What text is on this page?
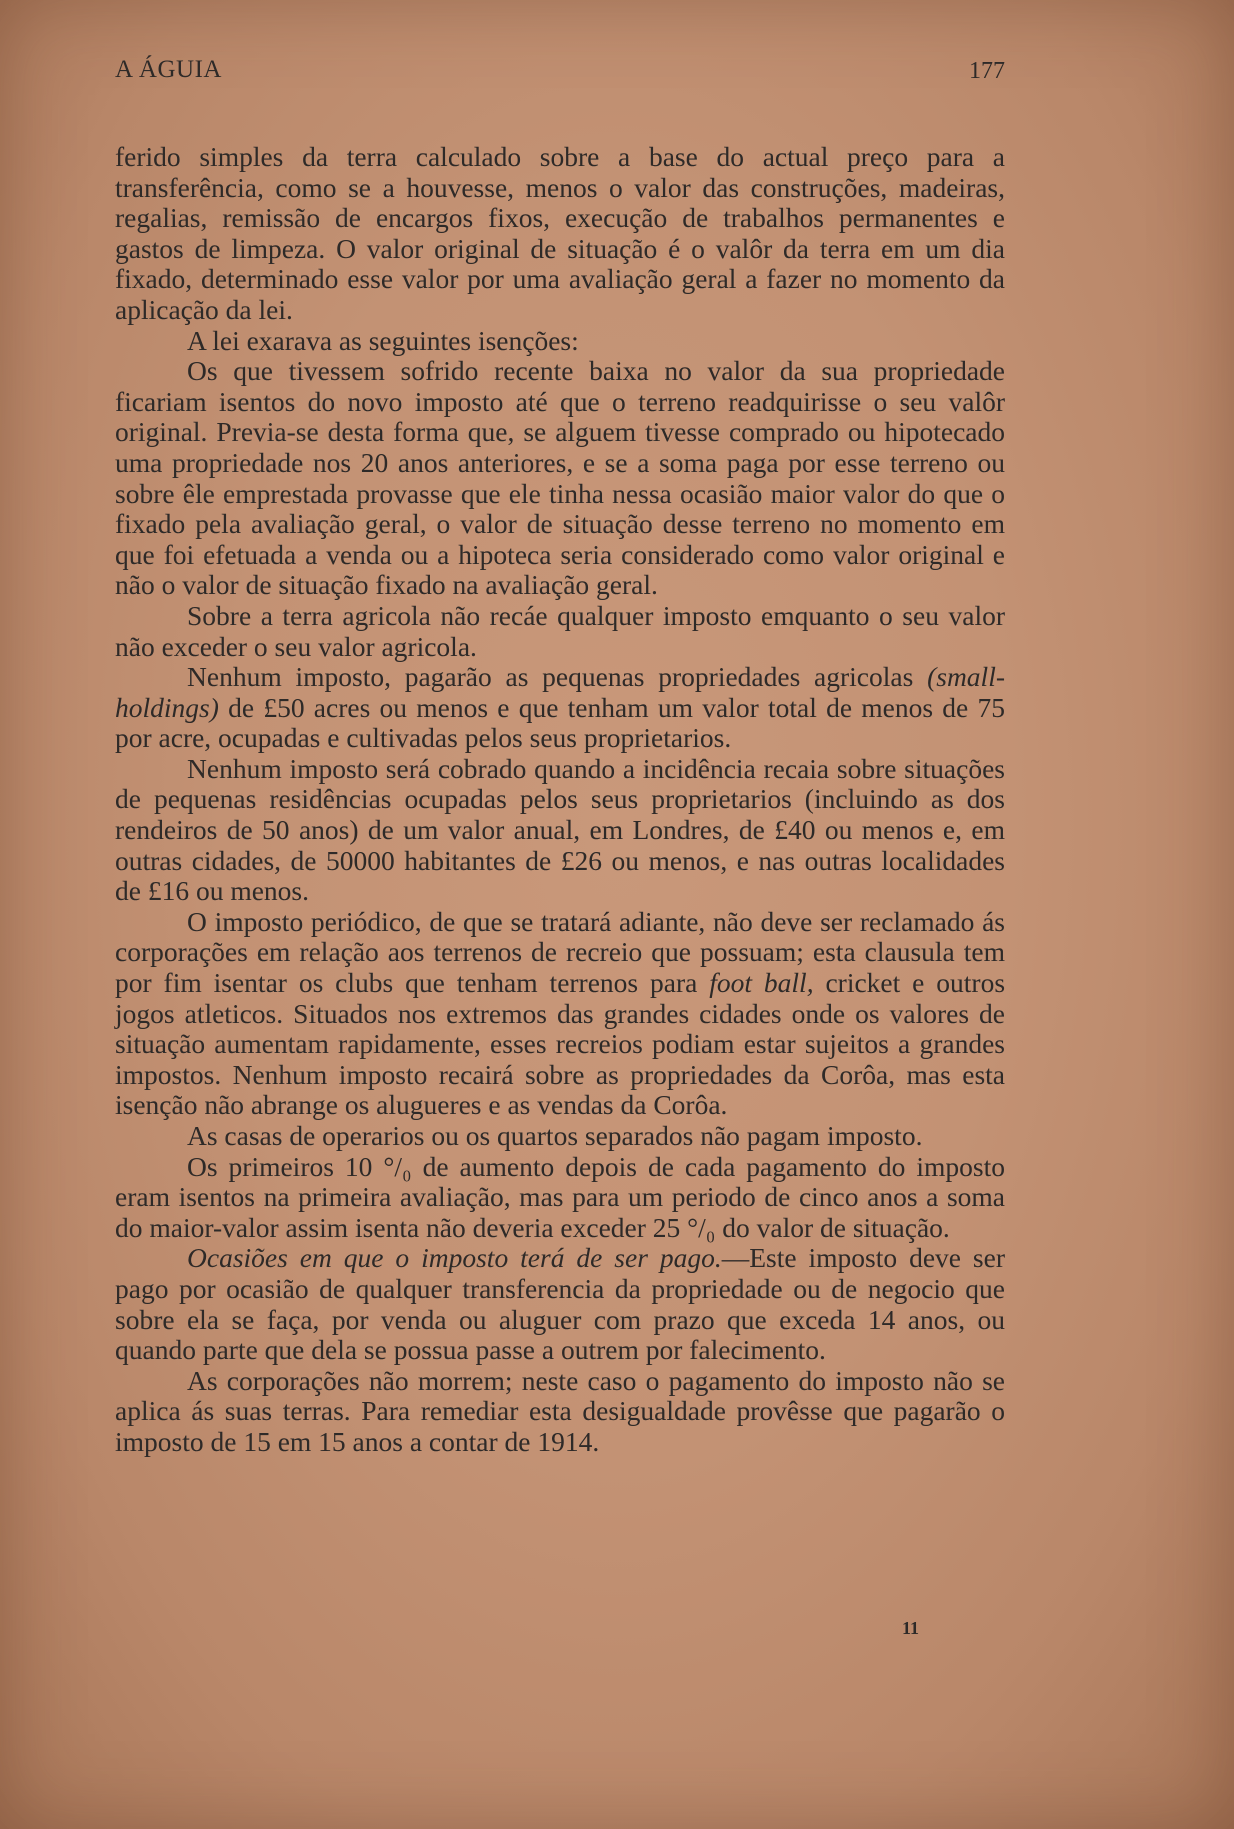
A ÁGUIA	177

ferido simples da terra calculado sobre a base do actual preço para a transferência, como se a houvesse, menos o valor das construções, madeiras, regalias, remissão de encargos fixos, execução de trabalhos permanentes e gastos de limpeza. O valor original de situação é o valôr da terra em um dia fixado, determinado esse valor por uma avaliação geral a fazer no momento da aplicação da lei.

A lei exarava as seguintes isenções:

Os que tivessem sofrido recente baixa no valor da sua propriedade ficariam isentos do novo imposto até que o terreno readquirisse o seu valôr original. Previa-se desta forma que, se alguem tivesse comprado ou hipotecado uma propriedade nos 20 anos anteriores, e se a soma paga por esse terreno ou sobre êle emprestada provasse que ele tinha nessa ocasião maior valor do que o fixado pela avaliação geral, o valor de situação desse terreno no momento em que foi efetuada a venda ou a hipoteca seria considerado como valor original e não o valor de situação fixado na avaliação geral.

Sobre a terra agricola não recáe qualquer imposto emquanto o seu valor não exceder o seu valor agricola.

Nenhum imposto, pagarão as pequenas propriedades agricolas (small-holdings) de £50 acres ou menos e que tenham um valor total de menos de 75 por acre, ocupadas e cultivadas pelos seus proprietarios.

Nenhum imposto será cobrado quando a incidência recaia sobre situações de pequenas residências ocupadas pelos seus proprietarios (incluindo as dos rendeiros de 50 anos) de um valor anual, em Londres, de £40 ou menos e, em outras cidades, de 50000 habitantes de £26 ou menos, e nas outras localidades de £16 ou menos.

O imposto periódico, de que se tratará adiante, não deve ser reclamado ás corporações em relação aos terrenos de recreio que possuam; esta clausula tem por fim isentar os clubs que tenham terrenos para foot ball, cricket e outros jogos atleticos. Situados nos extremos das grandes cidades onde os valores de situação aumentam rapidamente, esses recreios podiam estar sujeitos a grandes impostos. Nenhum imposto recairá sobre as propriedades da Corôa, mas esta isenção não abrange os alugueres e as vendas da Corôa.

As casas de operarios ou os quartos separados não pagam imposto.

Os primeiros 10 °/₀ de aumento depois de cada pagamento do imposto eram isentos na primeira avaliação, mas para um periodo de cinco anos a soma do maior-valor assim isenta não deveria exceder 25 °/₀ do valor de situação.

Ocasiões em que o imposto terá de ser pago.—Este imposto deve ser pago por ocasião de qualquer transferencia da propriedade ou de negocio que sobre ela se faça, por venda ou aluguer com prazo que exceda 14 anos, ou quando parte que dela se possua passe a outrem por falecimento.

As corporações não morrem; neste caso o pagamento do imposto não se aplica ás suas terras. Para remediar esta desigualdade provêsse que pagarão o imposto de 15 em 15 anos a contar de 1914.

11
